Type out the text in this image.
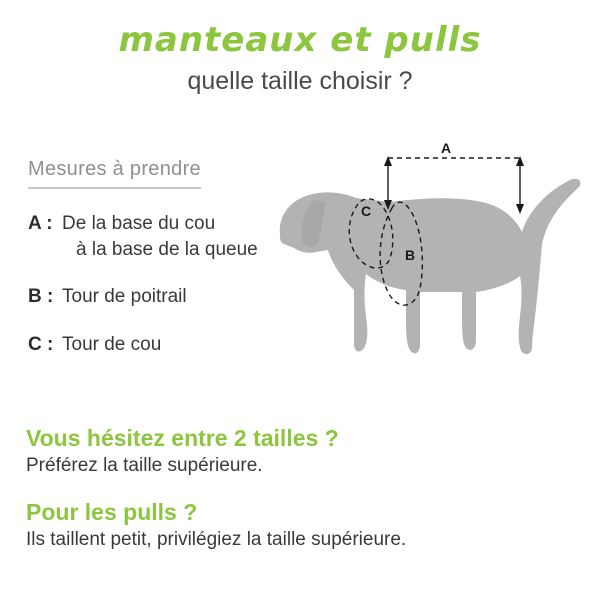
manteaux et pulls
quelle taille choisir ?
Mesures à prendre
A : De la base du cou
à la base de la queue
B : Tour de poitrail
C : Tour de cou
A
C
B
Vous hésitez entre 2 tailles ?
Préférez la taille supérieure.
Pour les pulls ?
Ils taillent petit, privilégiez la taille supérieure.
